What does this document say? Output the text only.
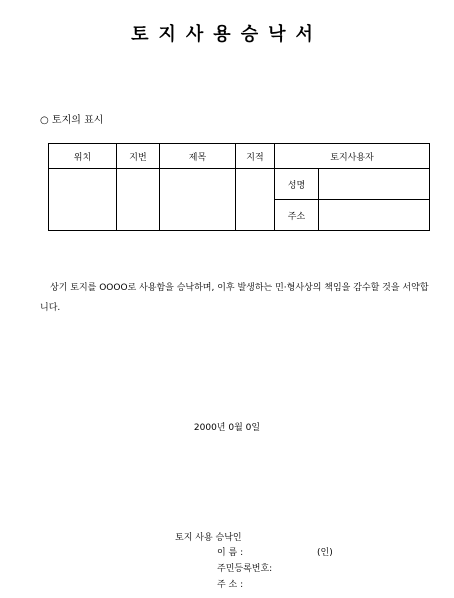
토지사용승낙서
○ 토지의 표시
위치	지번	제목	지적	토지사용자	
				성명	
				주소	
상기 토지를 OOOO로 사용함을 승낙하며, 이후 발생하는 민·형사상의 책임을 감수할 것을 서약합니다.
2000년 0월 0일
토지 사용 승낙인
이 름 :	(인)
주민등록번호:
주 소 :
